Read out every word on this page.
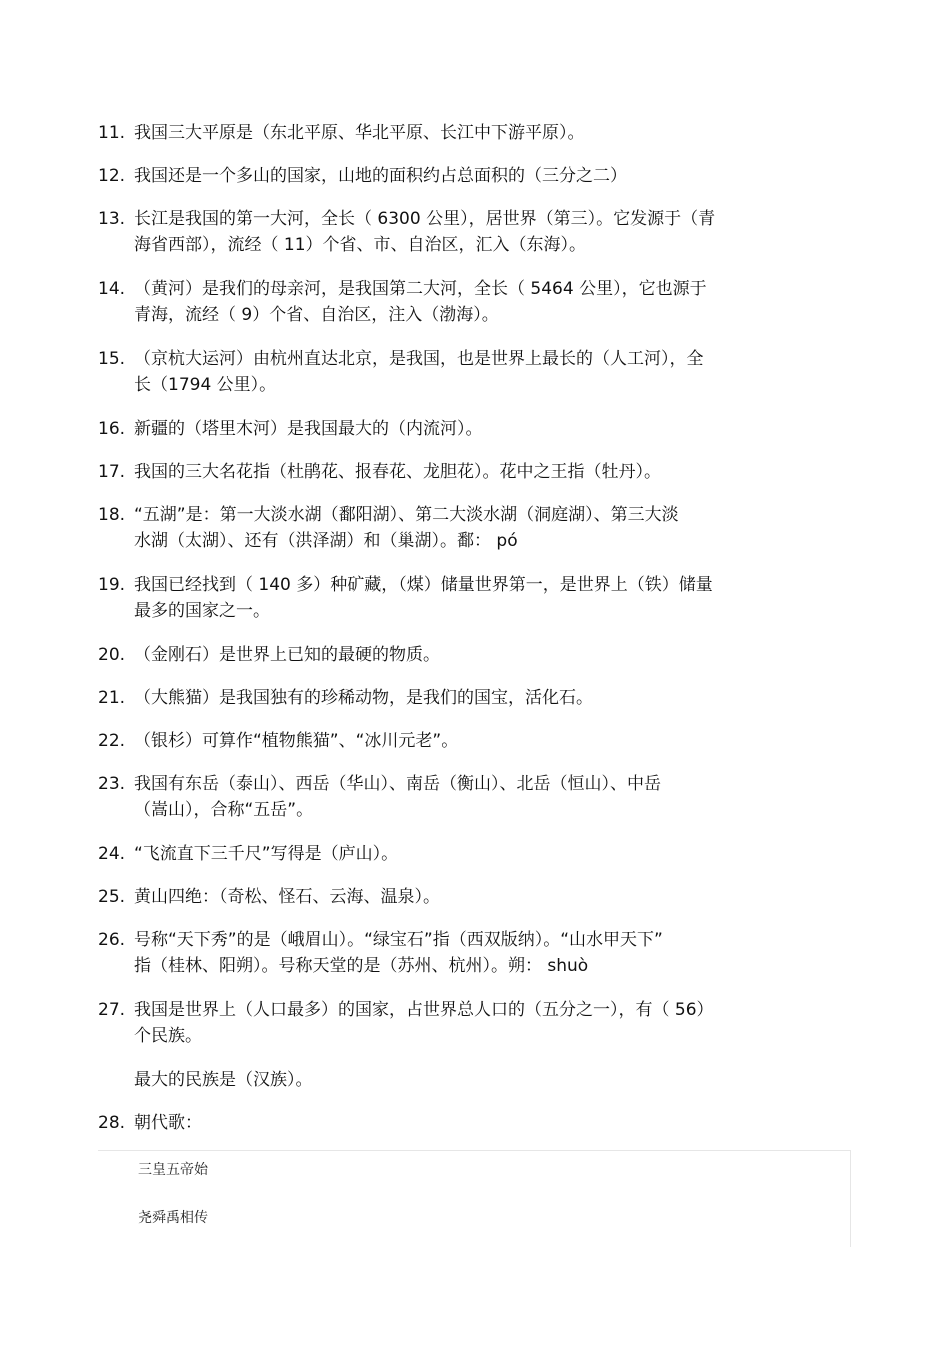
11. 我国三大平原是（东北平原、华北平原、长江中下游平原）。
12. 我国还是一个多山的国家，山地的面积约占总面积的（三分之二）
13. 长江是我国的第一大河，全长（ 6300 公里），居世界（第三）。它发源于（青
海省西部），流经（ 11）个省、市、自治区，汇入（东海）。
14. （黄河）是我们的母亲河，是我国第二大河，全长（ 5464 公里），它也源于
青海，流经（ 9）个省、自治区，注入（渤海）。
15. （京杭大运河）由杭州直达北京，是我国，也是世界上最长的（人工河），全
长（1794 公里）。
16. 新疆的（塔里木河）是我国最大的（内流河）。
17. 我国的三大名花指（杜鹃花、报春花、龙胆花）。花中之王指（牡丹）。
18. “五湖”是：第一大淡水湖（鄱阳湖）、第二大淡水湖（洞庭湖）、第三大淡
水湖（太湖）、还有（洪泽湖）和（巢湖）。鄱： pó
19. 我国已经找到（ 140 多）种矿藏，（煤）储量世界第一，是世界上（铁）储量
最多的国家之一。
20. （金刚石）是世界上已知的最硬的物质。
21. （大熊猫）是我国独有的珍稀动物，是我们的国宝，活化石。
22. （银杉）可算作“植物熊猫”、“冰川元老”。
23. 我国有东岳（泰山）、西岳（华山）、南岳（衡山）、北岳（恒山）、中岳
（嵩山），合称“五岳”。
24. “飞流直下三千尺”写得是（庐山）。
25. 黄山四绝：（奇松、怪石、云海、温泉）。
26. 号称“天下秀”的是（峨眉山）。“绿宝石”指（西双版纳）。“山水甲天下”
指（桂林、阳朔）。号称天堂的是（苏州、杭州）。朔： shuò
27. 我国是世界上（人口最多）的国家，占世界总人口的（五分之一），有（ 56）
个民族。
最大的民族是（汉族）。
28. 朝代歌：
三皇五帝始
尧舜禹相传
